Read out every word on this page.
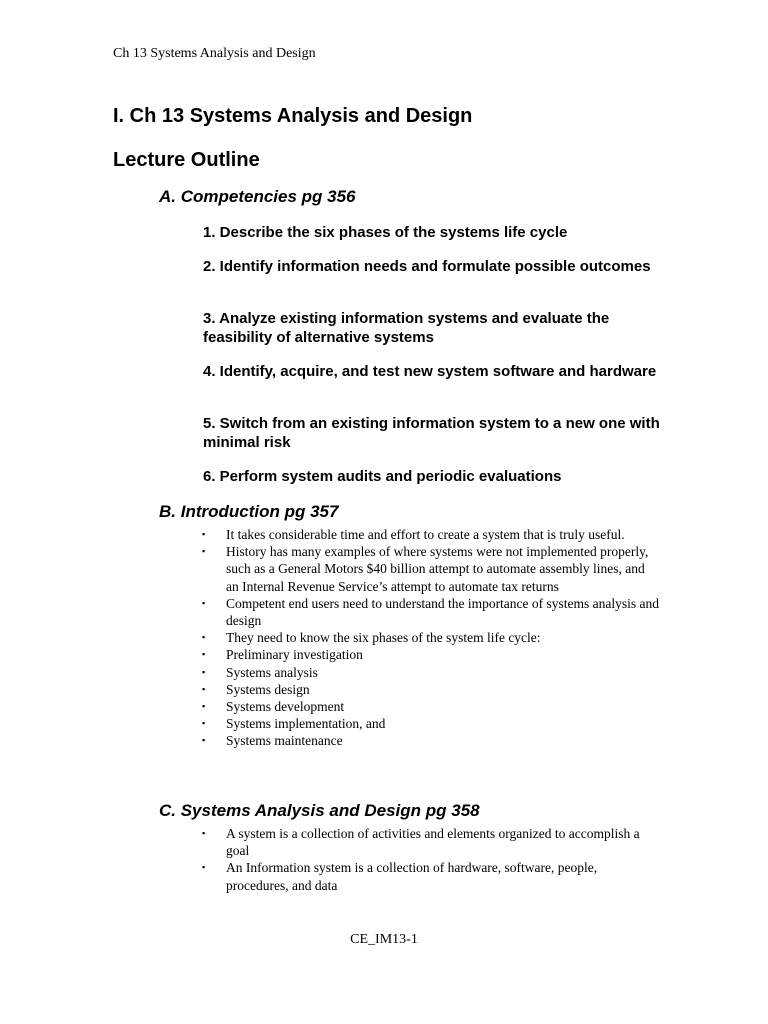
Ch 13 Systems Analysis and Design
I. Ch 13 Systems Analysis and Design
Lecture Outline
A. Competencies pg 356
1. Describe the six phases of the systems life cycle
2. Identify information needs and formulate possible outcomes
3. Analyze existing information systems and evaluate the feasibility of alternative systems
4. Identify, acquire, and test new system software and hardware
5. Switch from an existing information system to a new one with minimal risk
6. Perform system audits and periodic evaluations
B. Introduction pg 357
▪ It takes considerable time and effort to create a system that is truly useful.
▪ History has many examples of where systems were not implemented properly, such as a General Motors $40 billion attempt to automate assembly lines, and an Internal Revenue Service’s attempt to automate tax returns
▪ Competent end users need to understand the importance of systems analysis and design
▪ They need to know the six phases of the system life cycle:
▪ Preliminary investigation
▪ Systems analysis
▪ Systems design
▪ Systems development
▪ Systems implementation, and
▪ Systems maintenance
C. Systems Analysis and Design pg 358
▪ A system is a collection of activities and elements organized to accomplish a goal
▪ An Information system is a collection of hardware, software, people, procedures, and data
CE_IM13-1
